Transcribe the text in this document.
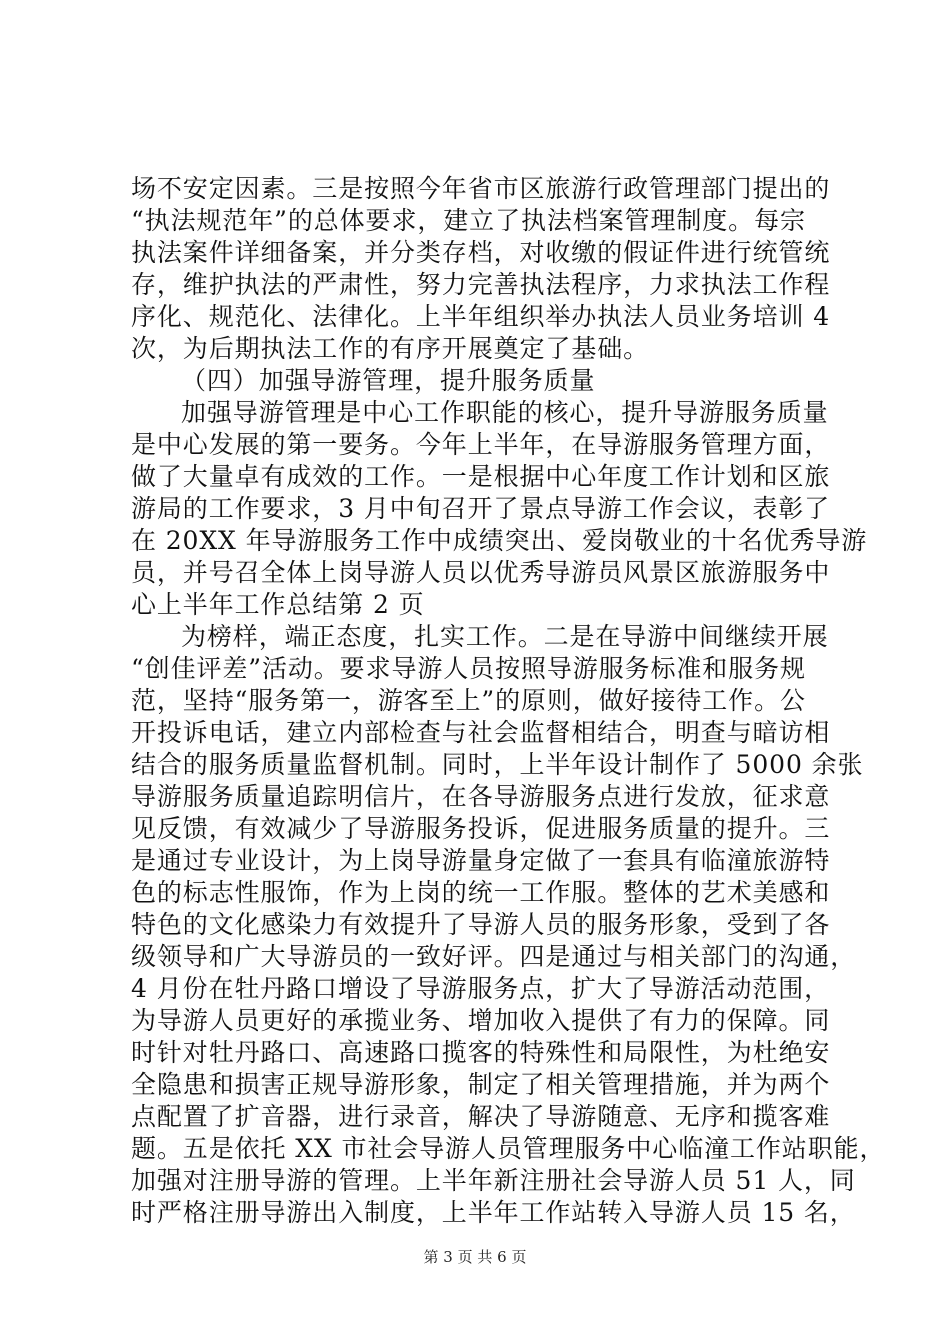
场不安定因素。三是按照今年省市区旅游行政管理部门提出的
“执法规范年”的总体要求，建立了执法档案管理制度。每宗
执法案件详细备案，并分类存档，对收缴的假证件进行统管统
存，维护执法的严肃性，努力完善执法程序，力求执法工作程
序化、规范化、法律化。上半年组织举办执法人员业务培训 4
次，为后期执法工作的有序开展奠定了基础。
（四）加强导游管理，提升服务质量
加强导游管理是中心工作职能的核心，提升导游服务质量
是中心发展的第一要务。今年上半年，在导游服务管理方面，
做了大量卓有成效的工作。一是根据中心年度工作计划和区旅
游局的工作要求，3 月中旬召开了景点导游工作会议，表彰了
在 20XX 年导游服务工作中成绩突出、爱岗敬业的十名优秀导游
员，并号召全体上岗导游人员以优秀导游员风景区旅游服务中
心上半年工作总结第 2 页
为榜样，端正态度，扎实工作。二是在导游中间继续开展
“创佳评差”活动。要求导游人员按照导游服务标准和服务规
范，坚持“服务第一，游客至上”的原则，做好接待工作。公
开投诉电话，建立内部检查与社会监督相结合，明查与暗访相
结合的服务质量监督机制。同时，上半年设计制作了 5000 余张
导游服务质量追踪明信片，在各导游服务点进行发放，征求意
见反馈，有效减少了导游服务投诉，促进服务质量的提升。三
是通过专业设计，为上岗导游量身定做了一套具有临潼旅游特
色的标志性服饰，作为上岗的统一工作服。整体的艺术美感和
特色的文化感染力有效提升了导游人员的服务形象，受到了各
级领导和广大导游员的一致好评。四是通过与相关部门的沟通，
4 月份在牡丹路口增设了导游服务点，扩大了导游活动范围，
为导游人员更好的承揽业务、增加收入提供了有力的保障。同
时针对牡丹路口、高速路口揽客的特殊性和局限性，为杜绝安
全隐患和损害正规导游形象，制定了相关管理措施，并为两个
点配置了扩音器，进行录音，解决了导游随意、无序和揽客难
题。五是依托 XX 市社会导游人员管理服务中心临潼工作站职能，
加强对注册导游的管理。上半年新注册社会导游人员 51 人，同
时严格注册导游出入制度，上半年工作站转入导游人员 15 名，
第 3 页 共 6 页
